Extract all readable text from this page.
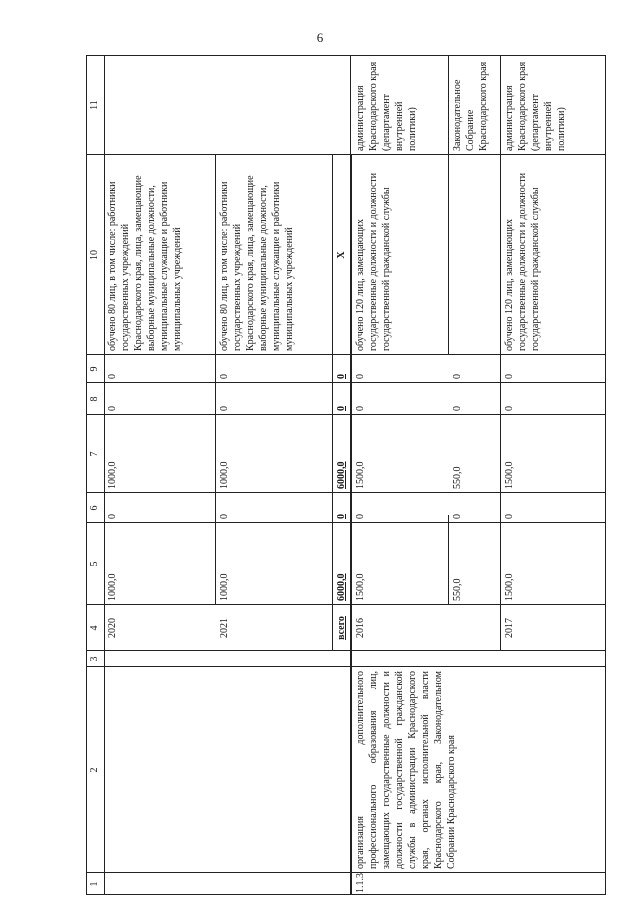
6
1
2
3
4
5
6
7
8
9
10
11
2020
1000,0
0
1000,0
0
0
обучено 80 лиц, в том числе: работники государственных учреждений Краснодарского края, лица, замещающие выборные муниципальные должности, муниципальные служащие и работники муниципальных учреждений
2021
1000,0
0
1000,0
0
0
обучено 80 лиц, в том числе: работники государственных учреждений Краснодарского края, лица, замещающие выборные муниципальные должности, муниципальные служащие и работники муниципальных учреждений
всего
6000,0
0
6000,0
0
0
X
1.1.3
организация дополнительного профессионального образования лиц, замещающих государственные должности и должности государственной гражданской службы в администрации Краснодарского края, органах исполнительной власти Краснодарского края, Законодательном Собрании Краснодарского края
2016
1500,0
0
1500,0
0
0
обучено 120 лиц, замещающих государственные должности и должности государственной гражданской службы
администрация Краснодарского края (департамент внутренней политики)
550,0
0
550,0
0
0
Законодательное Собрание Краснодарского края
2017
1500,0
0
1500,0
0
0
обучено 120 лиц, замещающих государственные должности и должности государственной гражданской службы
администрация Краснодарского края (департамент внутренней политики)
